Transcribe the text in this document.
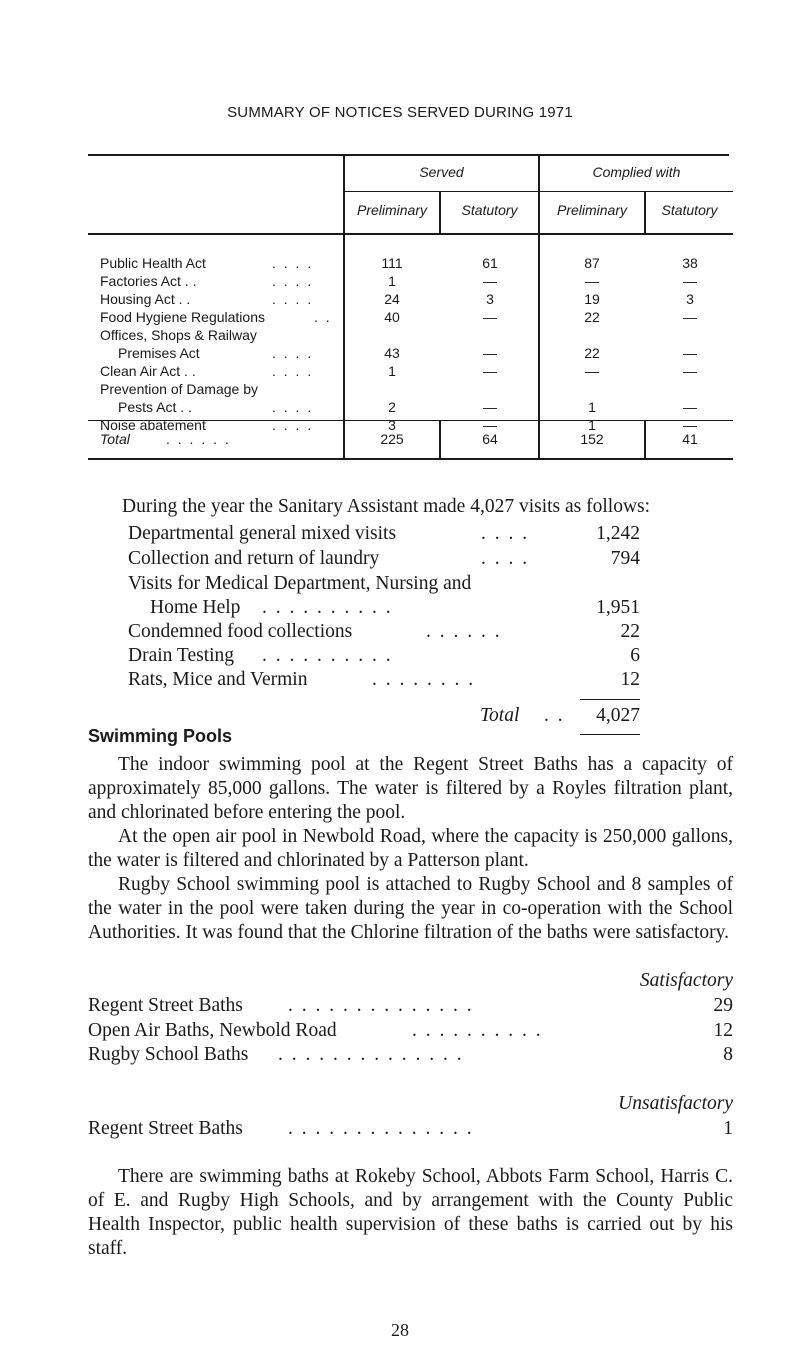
SUMMARY OF NOTICES SERVED DURING 1971
Served	Complied with
Preliminary	Statutory	Preliminary	Statutory
Public Health Act	. . . .	111	61	87	38
Factories Act . .	. . . .	1	—	—	—
Housing Act . .	. . . .	24	3	19	3
Food Hygiene Regulations	. .	40	—	22	—
Offices, Shops & Railway
Premises Act	. . . .	43	—	22	—
Clean Air Act . .	. . . .	1	—	—	—
Prevention of Damage by
Pests Act . .	. . . .	2	—	1	—
Noise abatement	. . . .	3	—	1	—
Total	. . . . . .	225	64	152	41
During the year the Sanitary Assistant made 4,027 visits as follows:
Departmental general mixed visits	. . . .	1,242
Collection and return of laundry	. . . .	794
Visits for Medical Department, Nursing and
Home Help . . . . . . . . . .	1,951
Condemned food collections	. . . . . .	22
Drain Testing . . . . . . . . . .	6
Rats, Mice and Vermin	. . . . . . . .	12
Total . .	4,027
Swimming Pools
The indoor swimming pool at the Regent Street Baths has a capacity of approximately 85,000 gallons. The water is filtered by a Royles filtration plant, and chlorinated before entering the pool.
At the open air pool in Newbold Road, where the capacity is 250,000 gallons, the water is filtered and chlorinated by a Patterson plant.
Rugby School swimming pool is attached to Rugby School and 8 samples of the water in the pool were taken during the year in co-operation with the School Authorities. It was found that the Chlorine filtration of the baths were satisfactory.
Satisfactory
Regent Street Baths . . . . . . . . . . . . . .	29
Open Air Baths, Newbold Road	. . . . . . . . . .	12
Rugby School Baths . . . . . . . . . . . . . .	8
Unsatisfactory
Regent Street Baths . . . . . . . . . . . . . .	1
There are swimming baths at Rokeby School, Abbots Farm School, Harris C. of E. and Rugby High Schools, and by arrangement with the County Public Health Inspector, public health supervision of these baths is carried out by his staff.
28
